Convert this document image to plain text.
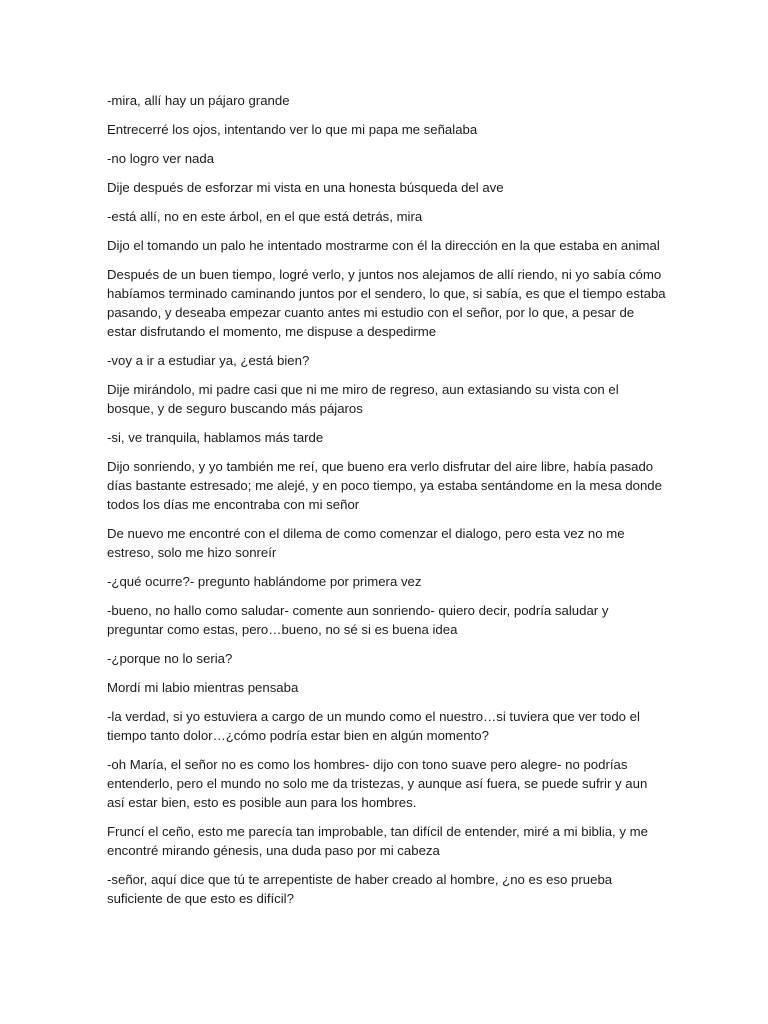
-mira, allí hay un pájaro grande

Entrecerré los ojos, intentando ver lo que mi papa me señalaba

-no logro ver nada

Dije después de esforzar mi vista en una honesta búsqueda del ave

-está allí, no en este árbol, en el que está detrás, mira

Dijo el tomando un palo he intentado mostrarme con él la dirección en la que estaba en animal

Después de un buen tiempo, logré verlo, y juntos nos alejamos de allí riendo, ni yo sabía cómo habíamos terminado caminando juntos por el sendero, lo que, si sabía, es que el tiempo estaba pasando, y deseaba empezar cuanto antes mi estudio con el señor, por lo que, a pesar de estar disfrutando el momento, me dispuse a despedirme

-voy a ir a estudiar ya, ¿está bien?

Dije mirándolo, mi padre casi que ni me miro de regreso, aun extasiando su vista con el bosque, y de seguro buscando más pájaros

-si, ve tranquila, hablamos más tarde

Dijo sonriendo, y yo también me reí, que bueno era verlo disfrutar del aire libre, había pasado días bastante estresado; me alejé, y en poco tiempo, ya estaba sentándome en la mesa donde todos los días me encontraba con mi señor

De nuevo me encontré con el dilema de como comenzar el dialogo, pero esta vez no me estreso, solo me hizo sonreír

-¿qué ocurre?- pregunto hablándome por primera vez

-bueno, no hallo como saludar- comente aun sonriendo- quiero decir, podría saludar y preguntar como estas, pero…bueno, no sé si es buena idea

-¿porque no lo seria?

Mordí mi labio mientras pensaba

-la verdad, si yo estuviera a cargo de un mundo como el nuestro…si tuviera que ver todo el tiempo tanto dolor…¿cómo podría estar bien en algún momento?

-oh María, el señor no es como los hombres- dijo con tono suave pero alegre- no podrías entenderlo, pero el mundo no solo me da tristezas, y aunque así fuera, se puede sufrir y aun así estar bien, esto es posible aun para los hombres.

Fruncí el ceño, esto me parecía tan improbable, tan difícil de entender, miré a mi biblia, y me encontré mirando génesis, una duda paso por mi cabeza

-señor, aquí dice que tú te arrepentiste de haber creado al hombre, ¿no es eso prueba suficiente de que esto es difícil?
